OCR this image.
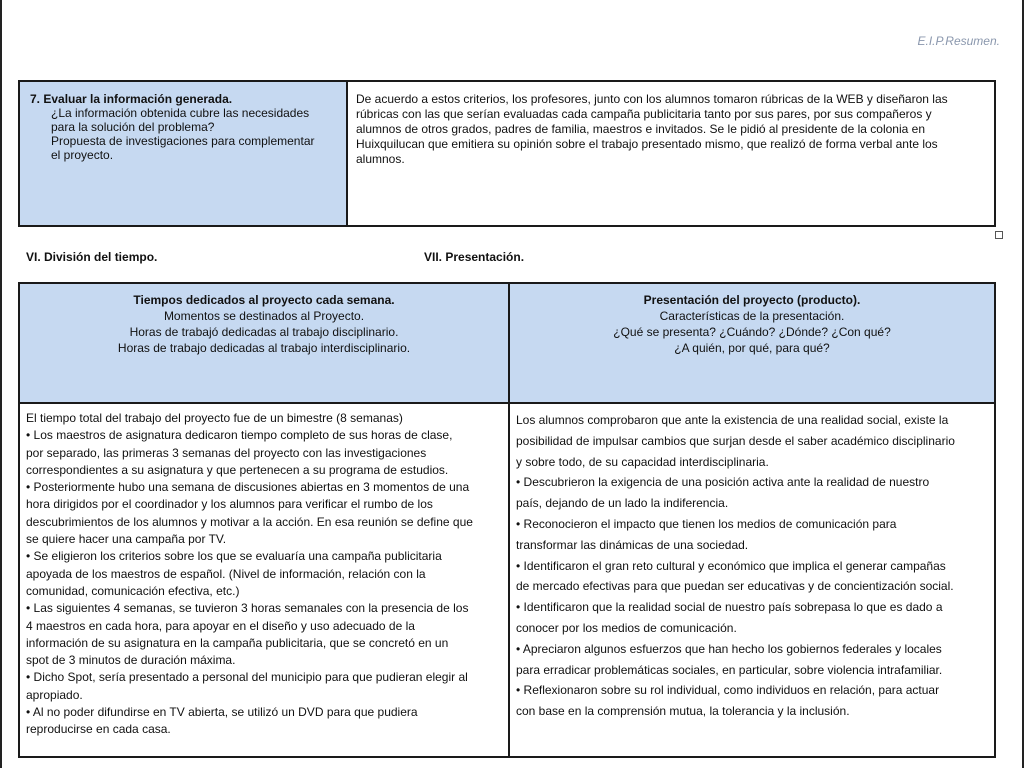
E.I.P.Resumen.
7. Evaluar la información generada.
¿La información obtenida cubre las necesidades
para la solución del problema?
Propuesta de investigaciones para complementar
el proyecto.
De acuerdo a estos criterios, los profesores, junto con los alumnos tomaron rúbricas de la WEB y diseñaron las
rúbricas con las que serían evaluadas cada campaña publicitaria tanto por sus pares, por sus compañeros y
alumnos de otros grados, padres de familia, maestros e invitados. Se le pidió al presidente de la colonia en
Huixquilucan que emitiera su opinión sobre el trabajo presentado mismo, que realizó de forma verbal ante los
alumnos.
VI. División del tiempo.	VII. Presentación.
Tiempos dedicados al proyecto cada semana.
Momentos se destinados al Proyecto.
Horas de trabajó dedicadas al trabajo disciplinario.
Horas de trabajo dedicadas al trabajo interdisciplinario.
Presentación del proyecto (producto).
Características de la presentación.
¿Qué se presenta? ¿Cuándo? ¿Dónde? ¿Con qué?
¿A quién, por qué, para qué?
El tiempo total del trabajo del proyecto fue de un bimestre (8 semanas)
• Los maestros de asignatura dedicaron tiempo completo de sus horas de clase,
por separado, las primeras 3 semanas del proyecto con las investigaciones
correspondientes a su asignatura y que pertenecen a su programa de estudios.
• Posteriormente hubo una semana de discusiones abiertas en 3 momentos de una
hora dirigidos por el coordinador y los alumnos para verificar el rumbo de los
descubrimientos de los alumnos y motivar a la acción. En esa reunión se define que
se quiere hacer una campaña por TV.
• Se eligieron los criterios sobre los que se evaluaría una campaña publicitaria
apoyada de los maestros de español. (Nivel de información, relación con la
comunidad, comunicación efectiva, etc.)
• Las siguientes 4 semanas, se tuvieron 3 horas semanales con la presencia de los
4 maestros en cada hora, para apoyar en el diseño y uso adecuado de la
información de su asignatura en la campaña publicitaria, que se concretó en un
spot de 3 minutos de duración máxima.
• Dicho Spot, sería presentado a personal del municipio para que pudieran elegir al
apropiado.
• Al no poder difundirse en TV abierta, se utilizó un DVD para que pudiera
reproducirse en cada casa.
Los alumnos comprobaron que ante la existencia de una realidad social, existe la
posibilidad de impulsar cambios que surjan desde el saber académico disciplinario
y sobre todo, de su capacidad interdisciplinaria.
• Descubrieron la exigencia de una posición activa ante la realidad de nuestro
país, dejando de un lado la indiferencia.
• Reconocieron el impacto que tienen los medios de comunicación para
transformar las dinámicas de una sociedad.
• Identificaron el gran reto cultural y económico que implica el generar campañas
de mercado efectivas para que puedan ser educativas y de concientización social.
• Identificaron que la realidad social de nuestro país sobrepasa lo que es dado a
conocer por los medios de comunicación.
• Apreciaron algunos esfuerzos que han hecho los gobiernos federales y locales
para erradicar problemáticas sociales, en particular, sobre violencia intrafamiliar.
• Reflexionaron sobre su rol individual, como individuos en relación, para actuar
con base en la comprensión mutua, la tolerancia y la inclusión.
